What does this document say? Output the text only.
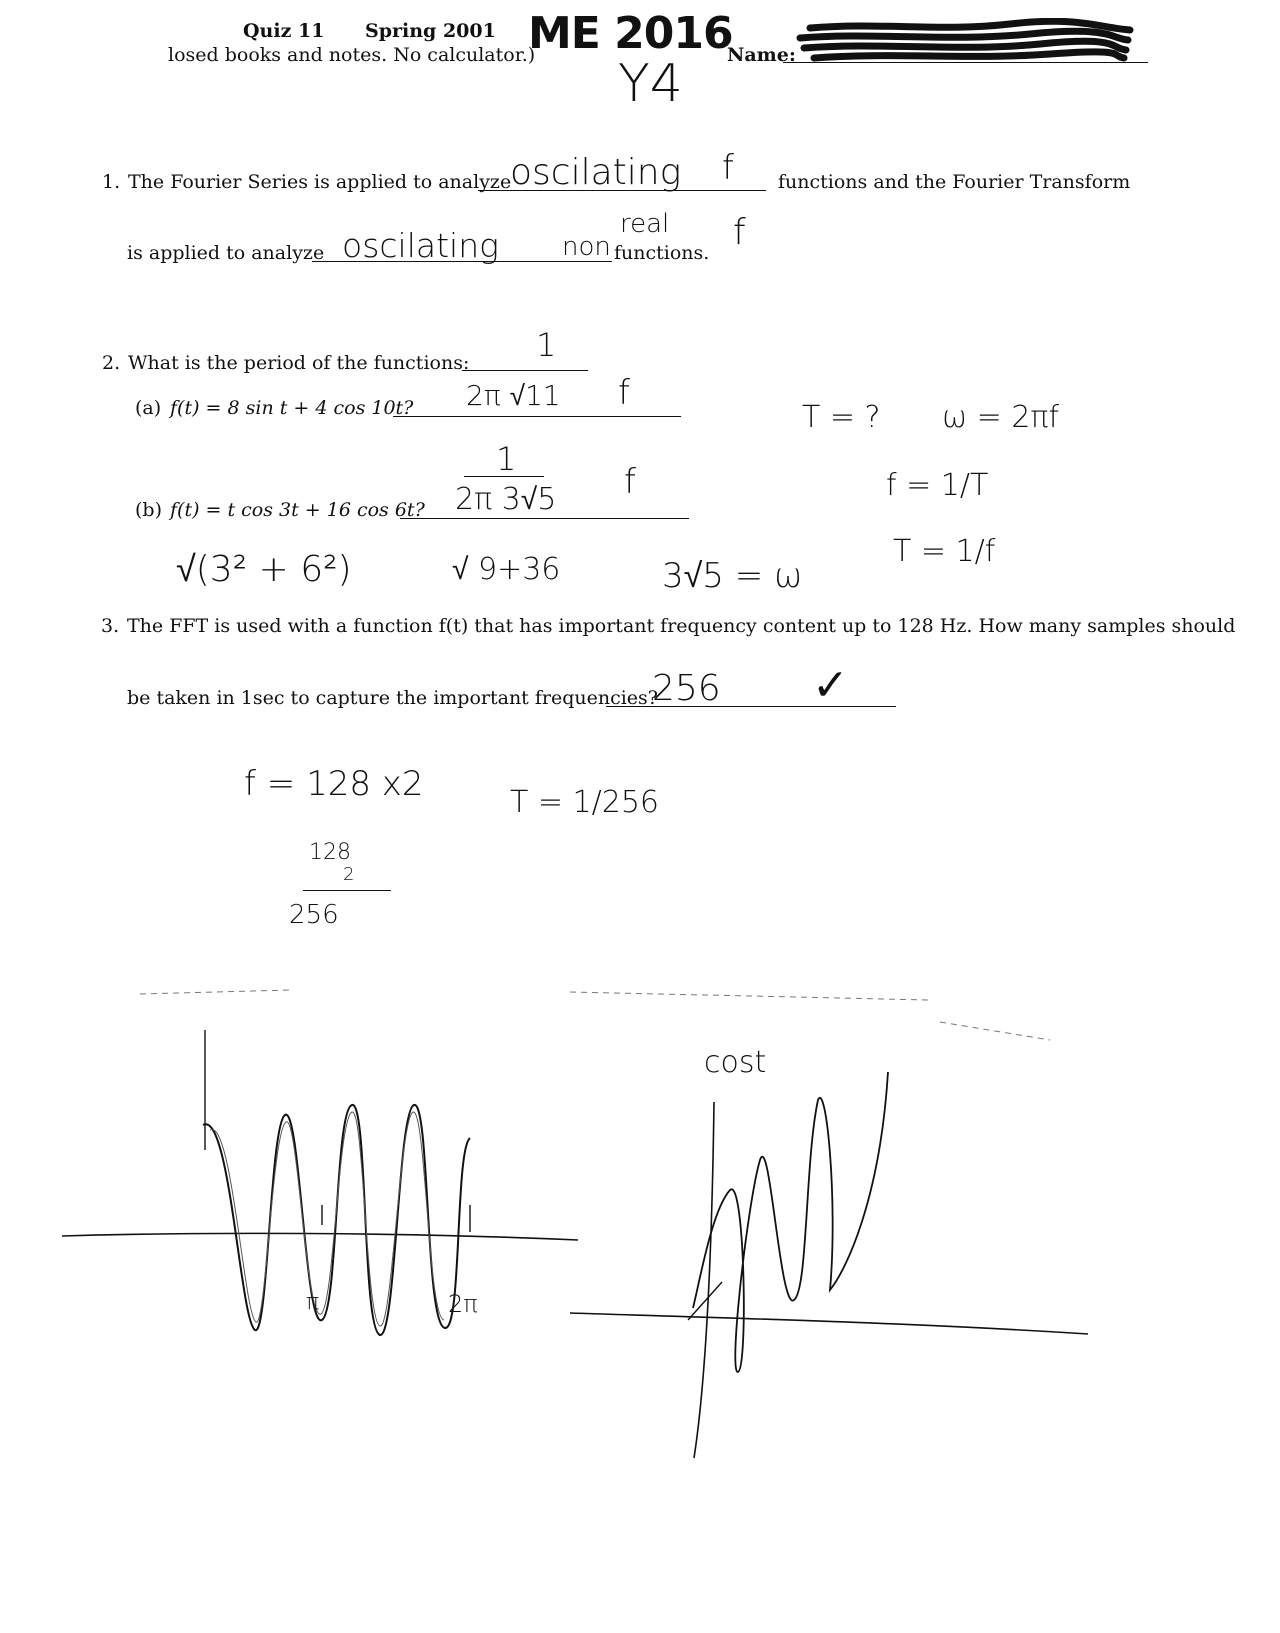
Quiz 11 Spring 2001
losed books and notes. No calculator.)
ME 2016
Y4 Name:
1. The Fourier Series is applied to analyze
oscilating f functions and the Fourier Transform
is applied to analyze oscilating non
real
functions. f
2. What is the period of the functions:
(a) f(t) = 8 sin t + 4 cos 10t?
1
2π √11 f
(b) f(t) = t cos 3t + 16 cos 6t?
1
2π 3√5 f
√(3² + 6²)	√ 9+36	3√5 = ω
T = ? ω = 2πf
f = 1/T
T = 1/f
3. The FFT is used with a function f(t) that has important frequency content up to 128 Hz. How many samples should
be taken in 1sec to capture the important frequencies?
256 ✓
f = 128 x2	T = 1/256
128
2
256
π	2π
cost
